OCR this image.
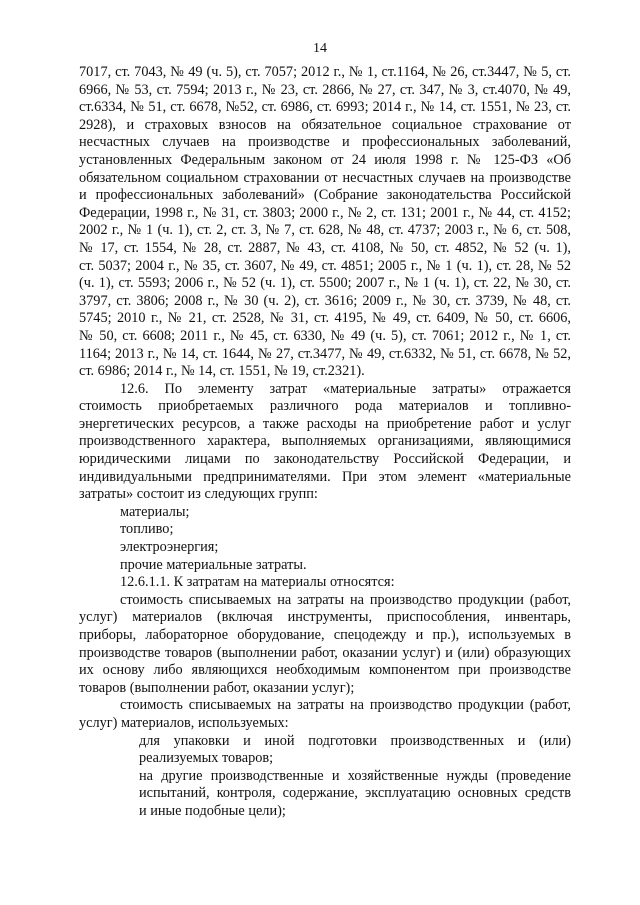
14
7017, ст. 7043, № 49 (ч. 5), ст. 7057; 2012 г., № 1, ст.1164, № 26, ст.3447, № 5, ст.
6966, № 53, ст. 7594; 2013 г., № 23, ст. 2866, № 27, ст. 347, № 3, ст.4070, № 49,
ст.6334, № 51, ст. 6678, №52, ст. 6986, ст. 6993; 2014 г., № 14, ст. 1551, № 23, ст.
2928), и страховых взносов на обязательное социальное страхование от
несчастных случаев на производстве и профессиональных заболеваний,
установленных Федеральным законом от 24 июля 1998 г. № 125-ФЗ «Об
обязательном социальном страховании от несчастных случаев на производстве
и профессиональных заболеваний» (Собрание законодательства Российской
Федерации, 1998 г., № 31, ст. 3803; 2000 г., № 2, ст. 131; 2001 г., № 44, ст. 4152;
2002 г., № 1 (ч. 1), ст. 2, ст. 3, № 7, ст. 628, № 48, ст. 4737; 2003 г., № 6, ст. 508,
№ 17, ст. 1554, № 28, ст. 2887, № 43, ст. 4108, № 50, ст. 4852, № 52 (ч. 1),
ст. 5037; 2004 г., № 35, ст. 3607, № 49, ст. 4851; 2005 г., № 1 (ч. 1), ст. 28, № 52
(ч. 1), ст. 5593; 2006 г., № 52 (ч. 1), ст. 5500; 2007 г., № 1 (ч. 1), ст. 22, № 30, ст.
3797, ст. 3806; 2008 г., № 30 (ч. 2), ст. 3616; 2009 г., № 30, ст. 3739, № 48, ст.
5745; 2010 г., № 21, ст. 2528, № 31, ст. 4195, № 49, ст. 6409, № 50, ст. 6606,
№ 50, ст. 6608; 2011 г., № 45, ст. 6330, № 49 (ч. 5), ст. 7061; 2012 г., № 1, ст.
1164; 2013 г., № 14, ст. 1644, № 27, ст.3477, № 49, ст.6332, № 51, ст. 6678, № 52,
ст. 6986; 2014 г., № 14, ст. 1551, № 19, ст.2321).
12.6. По элементу затрат «материальные затраты» отражается
стоимость приобретаемых различного рода материалов и топливно-
энергетических ресурсов, а также расходы на приобретение работ и услуг
производственного характера, выполняемых организациями, являющимися
юридическими лицами по законодательству Российской Федерации, и
индивидуальными предпринимателями. При этом элемент «материальные
затраты» состоит из следующих групп:
материалы;
топливо;
электроэнергия;
прочие материальные затраты.
12.6.1.1. К затратам на материалы относятся:
стоимость списываемых на затраты на производство продукции (работ,
услуг) материалов (включая инструменты, приспособления, инвентарь,
приборы, лабораторное оборудование, спецодежду и пр.), используемых в
производстве товаров (выполнении работ, оказании услуг) и (или) образующих
их основу либо являющихся необходимым компонентом при производстве
товаров (выполнении работ, оказании услуг);
стоимость списываемых на затраты на производство продукции (работ,
услуг) материалов, используемых:
для упаковки и иной подготовки производственных и (или)
реализуемых товаров;
на другие производственные и хозяйственные нужды (проведение
испытаний, контроля, содержание, эксплуатацию основных средств
и иные подобные цели);
